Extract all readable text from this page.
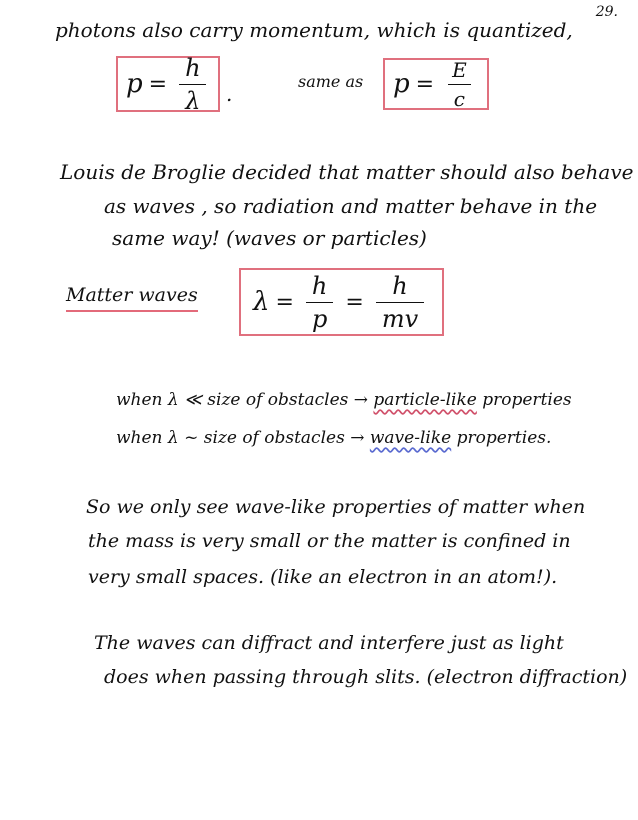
29.
photons also carry momentum, which is quantized,
$p = \frac{h}{\lambda}$ .
same as $p = \frac{E}{c}$
Louis de Broglie decided that matter should also behave
as waves , so radiation and matter behave in the
same way! (waves or particles)
Matter waves $\lambda = \frac{h}{p} = \frac{h}{mv}$
when λ ≪ size of obstacles → particle-like properties
when λ ~ size of obstacles → wave-like properties.
So we only see wave-like properties of matter when
the mass is very small or the matter is confined in
very small spaces. (like an electron in an atom!).
The waves can diffract and interfere just as light
does when passing through slits. (electron diffraction)
